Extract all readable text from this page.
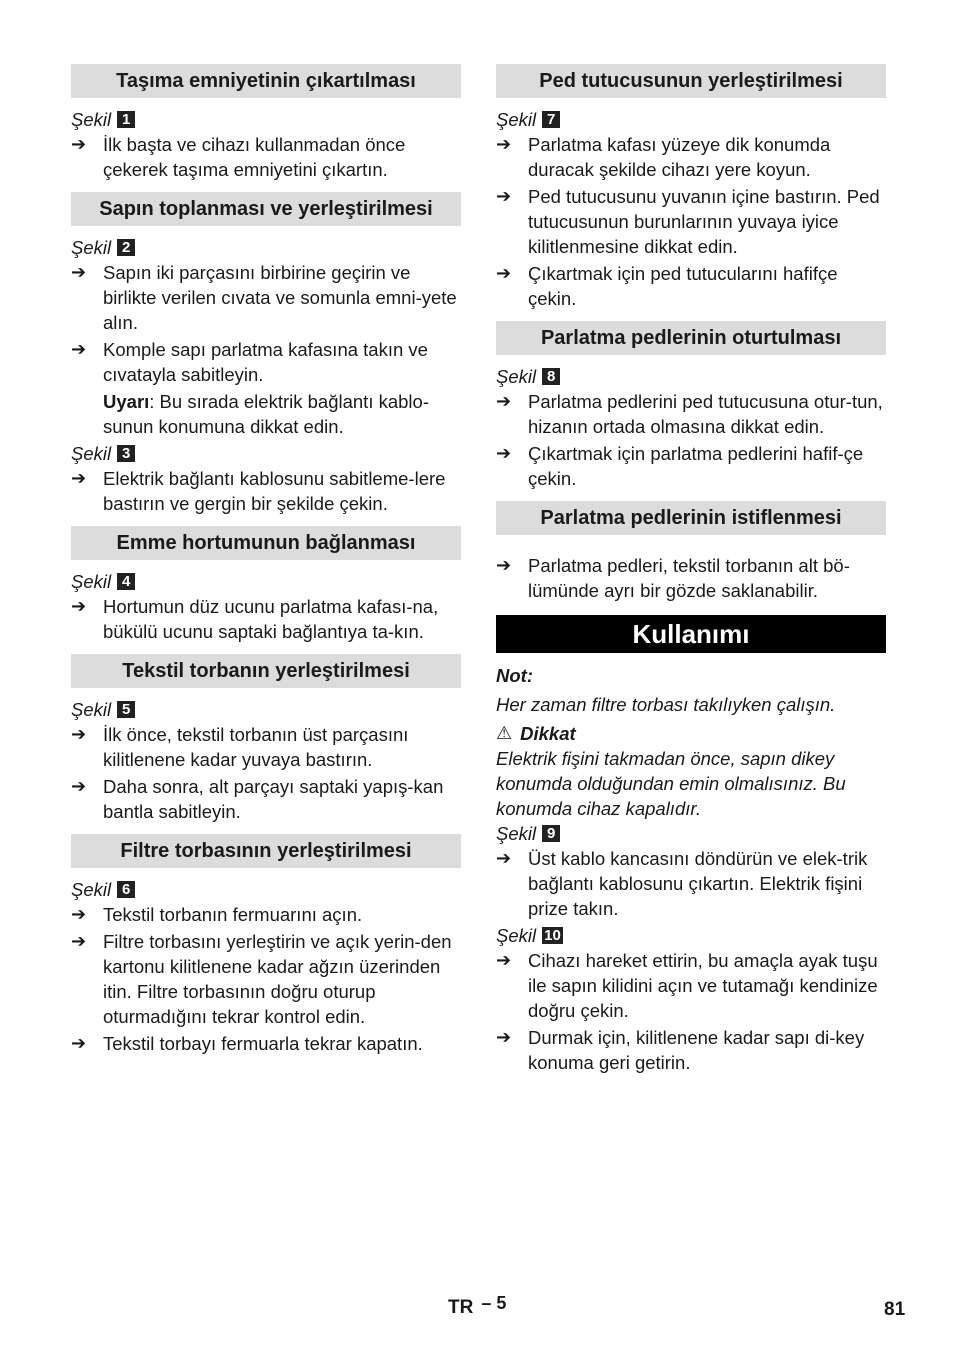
Taşıma emniyetinin çıkartılması
Şekil 1
➔ İlk başta ve cihazı kullanmadan önce çekerek taşıma emniyetini çıkartın.
Sapın toplanması ve yerleştirilmesi
Şekil 2
➔ Sapın iki parçasını birbirine geçirin ve birlikte verilen cıvata ve somunla emni-yete alın.
➔ Komple sapı parlatma kafasına takın ve cıvatayla sabitleyin.
Uyarı: Bu sırada elektrik bağlantı kablo-sunun konumuna dikkat edin.
Şekil 3
➔ Elektrik bağlantı kablosunu sabitleme-lere bastırın ve gergin bir şekilde çekin.
Emme hortumunun bağlanması
Şekil 4
➔ Hortumun düz ucunu parlatma kafası-na, bükülü ucunu saptaki bağlantıya ta-kın.
Tekstil torbanın yerleştirilmesi
Şekil 5
➔ İlk önce, tekstil torbanın üst parçasını kilitlenene kadar yuvaya bastırın.
➔ Daha sonra, alt parçayı saptaki yapış-kan bantla sabitleyin.
Filtre torbasının yerleştirilmesi
Şekil 6
➔ Tekstil torbanın fermuarını açın.
➔ Filtre torbasını yerleştirin ve açık yerin-den kartonu kilitlenene kadar ağzın üzerinden itin. Filtre torbasının doğru oturup oturmadığını tekrar kontrol edin.
➔ Tekstil torbayı fermuarla tekrar kapatın.
Ped tutucusunun yerleştirilmesi
Şekil 7
➔ Parlatma kafası yüzeye dik konumda duracak şekilde cihazı yere koyun.
➔ Ped tutucusunu yuvanın içine bastırın. Ped tutucusunun burunlarının yuvaya iyice kilitlenmesine dikkat edin.
➔ Çıkartmak için ped tutucularını hafifçe çekin.
Parlatma pedlerinin oturtulması
Şekil 8
➔ Parlatma pedlerini ped tutucusuna otur-tun, hizanın ortada olmasına dikkat edin.
➔ Çıkartmak için parlatma pedlerini hafif-çe çekin.
Parlatma pedlerinin istiflenmesi
➔ Parlatma pedleri, tekstil torbanın alt bö-lümünde ayrı bir gözde saklanabilir.
Kullanımı
Not:
Her zaman filtre torbası takılıyken çalışın.
⚠ Dikkat
Elektrik fişini takmadan önce, sapın dikey konumda olduğundan emin olmalısınız. Bu konumda cihaz kapalıdır.
Şekil 9
➔ Üst kablo kancasını döndürün ve elek-trik bağlantı kablosunu çıkartın. Elektrik fişini prize takın.
Şekil 10
➔ Cihazı hareket ettirin, bu amaçla ayak tuşu ile sapın kilidini açın ve tutamağı kendinize doğru çekin.
➔ Durmak için, kilitlenene kadar sapı di-key konuma geri getirin.
TR – 5	81
